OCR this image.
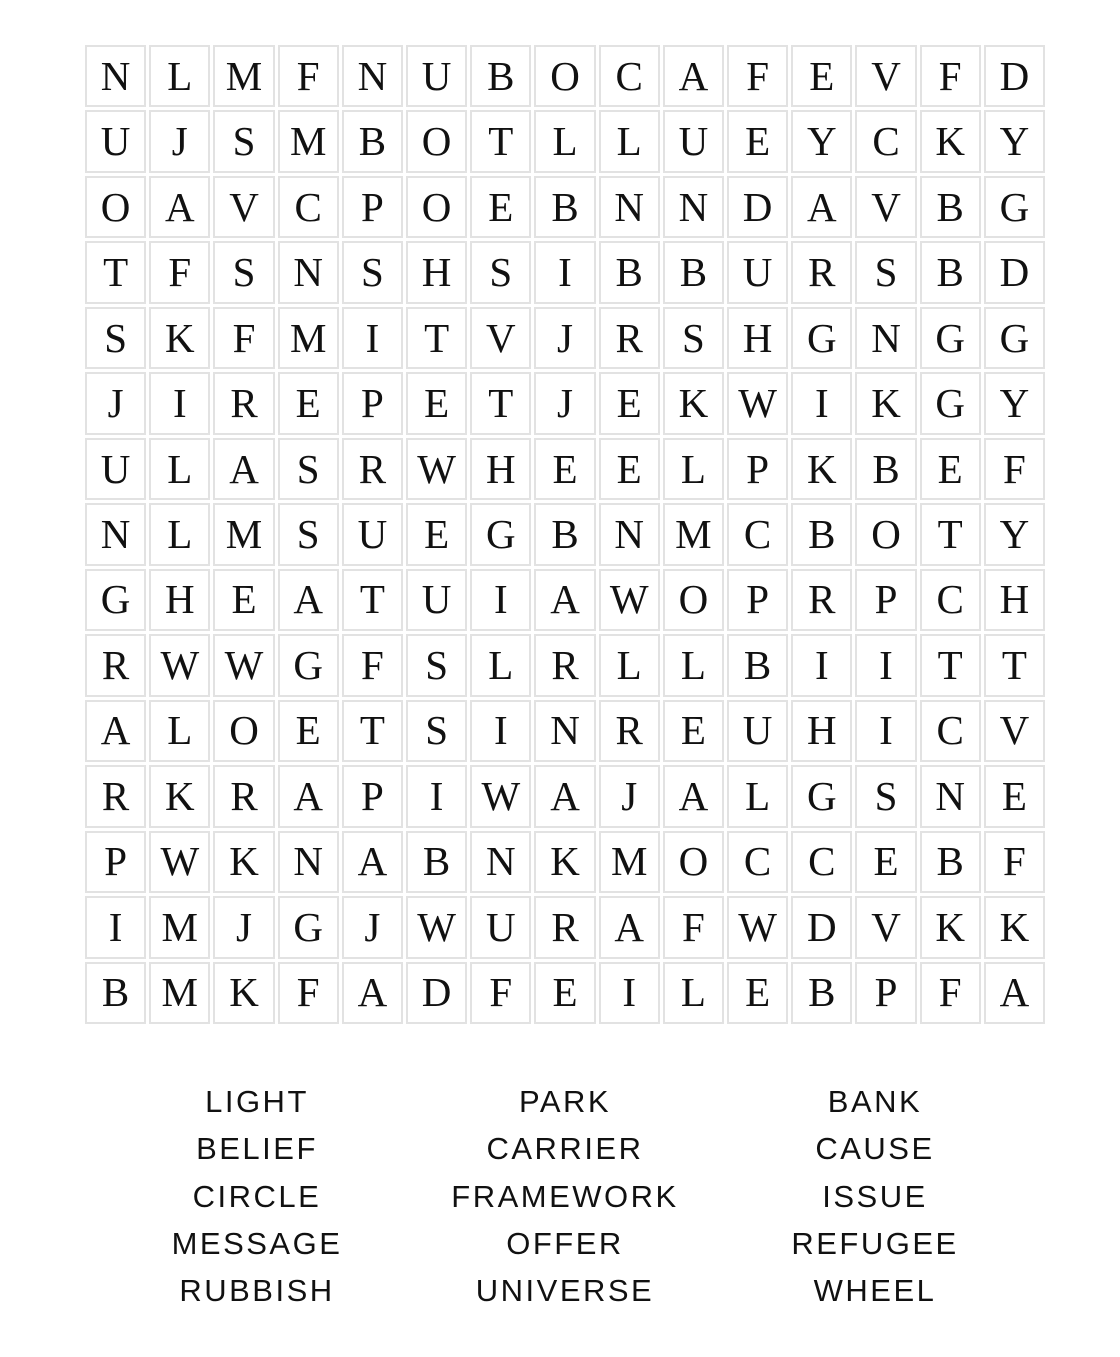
N L M F N U B O C A F E V F D
U	J	S M B O T L L U E Y C K Y
O A V C P O E B N N D A V B G
T F	S N S H S	I	B B U R S B D
S K F M I	T V	J	R S H G N G G
J	I	R E P E T	J	E K W I	K G Y
U L A S R W H E E L P K B E F
N L M S U E G B N M C B O T Y
G H E A T U	I	A W O P R P C H
R W W G F	S L R L L B	I	I	T T
A L O E T S	I	N R E U H	I	C V
R K R A P	I W A	J	A L G S N E
P W K N A B N K M O C C E B F
I M J	G	J W U R A F W D V K K
B M K F A D F E	I	L E B P	F A
LIGHT	PARK	BANK
BELIEF	CARRIER	CAUSE
CIRCLE	FRAMEWORK	ISSUE
MESSAGE	OFFER	REFUGEE
RUBBISH	UNIVERSE	WHEEL
